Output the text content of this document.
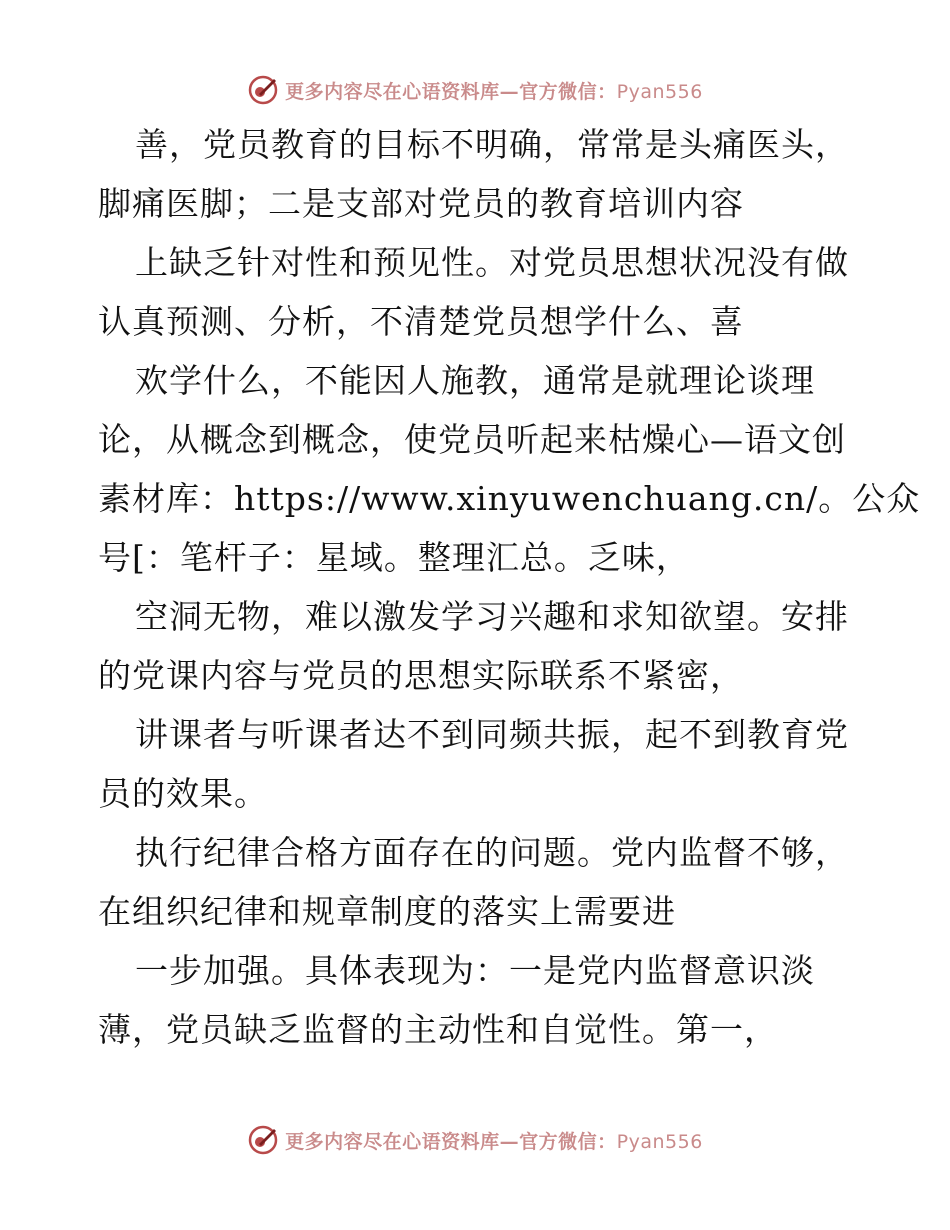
更多内容尽在心语资料库—官方微信：Pyan556
善，党员教育的目标不明确，常常是头痛医头，
脚痛医脚；二是支部对党员的教育培训内容
上缺乏针对性和预见性。对党员思想状况没有做
认真预测、分析，不清楚党员想学什么、喜
欢学什么，不能因人施教，通常是就理论谈理
论，从概念到概念，使党员听起来枯燥心—语文创
素材库：https://www.xinyuwenchuang.cn/。公众
号[：笔杆子：星域。整理汇总。乏味，
空洞无物，难以激发学习兴趣和求知欲望。安排
的党课内容与党员的思想实际联系不紧密，
讲课者与听课者达不到同频共振，起不到教育党
员的效果。
执行纪律合格方面存在的问题。党内监督不够，
在组织纪律和规章制度的落实上需要进
一步加强。具体表现为：一是党内监督意识淡
薄，党员缺乏监督的主动性和自觉性。第一，
更多内容尽在心语资料库—官方微信：Pyan556
